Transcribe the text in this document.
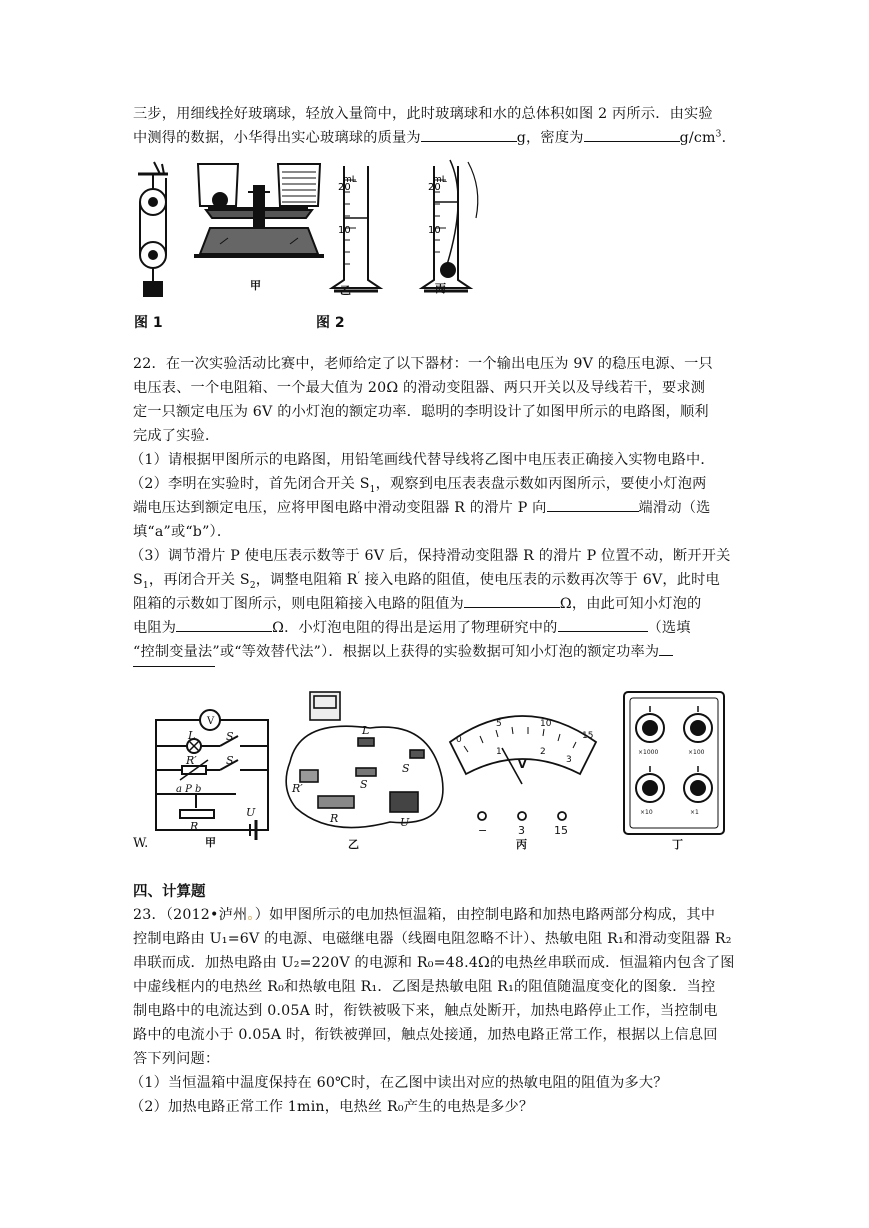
三步，用细线拴好玻璃球，轻放入量筒中，此时玻璃球和水的总体积如图 2 丙所示．由实验
中测得的数据，小华得出实心玻璃球的质量为	g，密度为	$g/cm^3$．
mL
20
10
mL
20
10
甲	乙	丙
图 1	图 2
22．在一次实验活动比赛中，老师给定了以下器材：一个输出电压为 9V 的稳压电源、一只
电压表、一个电阻箱、一个最大值为 20Ω 的滑动变阻器、两只开关以及导线若干，要求测
定一只额定电压为 6V 的小灯泡的额定功率．聪明的李明设计了如图甲所示的电路图，顺利
完成了实验．
（1）请根据甲图所示的电路图，用铅笔画线代替导线将乙图中电压表正确接入实物电路中．
（2）李明在实验时，首先闭合开关 $S_1$，观察到电压表表盘示数如丙图所示，要使小灯泡两
端电压达到额定电压，应将甲图电路中滑动变阻器 R 的滑片 P 向	端滑动（选
填“a”或“b”）．
（3）调节滑片 P 使电压表示数等于 6V 后，保持滑动变阻器 R 的滑片 P 位置不动，断开开关
$S_1$，再闭合开关 $S_2$，调整电阻箱 R′ 接入电路的阻值，使电压表的示数再次等于 6V，此时电
阻箱的示数如丁图所示，则电阻箱接入电路的阻值为	Ω，由此可知小灯泡的
电阻为	Ω．小灯泡电阻的得出是运用了物理研究中的	（选填
“控制变量法”或“等效替代法”）．根据以上获得的实验数据可知小灯泡的额定功率为
V
L	S
R′	S
a P b
R
U
L
S
R′	S
R	U
0
5	10
15
1	2
3
V
−	3	15
×1000	×100
×10	×1
W.	甲	乙	丙	丁
四、计算题
23．（2012•泸州。）如甲图所示的电加热恒温箱，由控制电路和加热电路两部分构成，其中
控制电路由 U₁=6V 的电源、电磁继电器（线圈电阻忽略不计）、热敏电阻 R₁和滑动变阻器 R₂
串联而成．加热电路由 U₂=220V 的电源和 R₀=48.4Ω的电热丝串联而成．恒温箱内包含了图
中虚线框内的电热丝 R₀和热敏电阻 R₁．乙图是热敏电阻 R₁的阻值随温度变化的图象．当控
制电路中的电流达到 0.05A 时，衔铁被吸下来，触点处断开，加热电路停止工作，当控制电
路中的电流小于 0.05A 时，衔铁被弹回，触点处接通，加热电路正常工作，根据以上信息回
答下列问题：
（1）当恒温箱中温度保持在 60℃时，在乙图中读出对应的热敏电阻的阻值为多大？
（2）加热电路正常工作 1min，电热丝 R₀产生的电热是多少？
